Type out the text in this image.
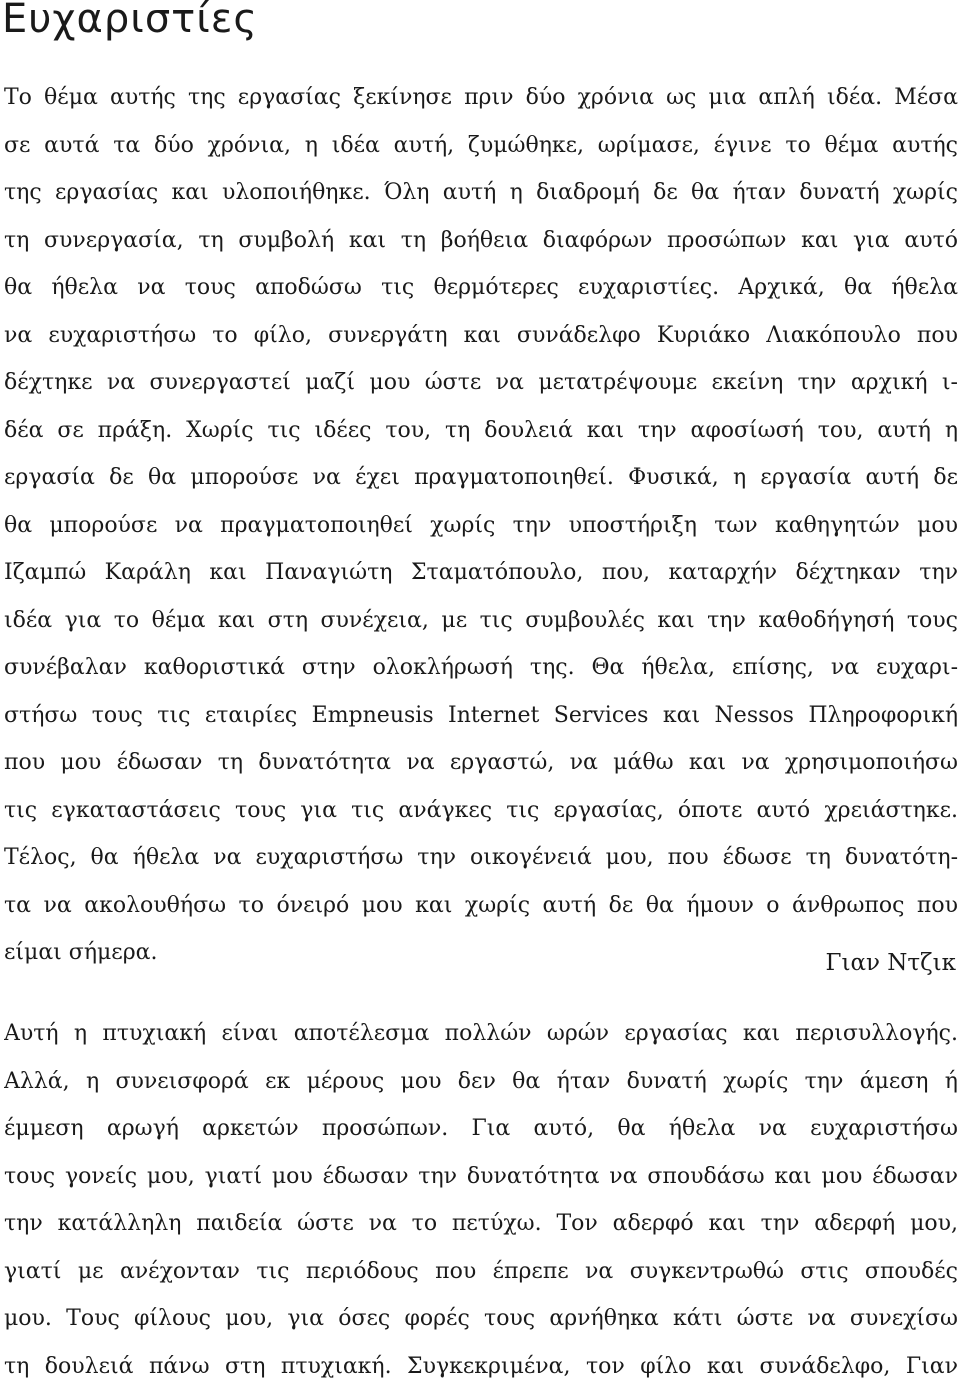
Ευχαριστίες
Το θέμα αυτής της εργασίας ξεκίνησε πριν δύο χρόνια ως μια απλή ιδέα. Μέσα
σε αυτά τα δύο χρόνια, η ιδέα αυτή, ζυμώθηκε, ωρίμασε, έγινε το θέμα αυτής
της εργασίας και υλοποιήθηκε. Όλη αυτή η διαδρομή δε θα ήταν δυνατή χωρίς
τη συνεργασία, τη συμβολή και τη βοήθεια διαφόρων προσώπων και για αυτό
θα ήθελα να τους αποδώσω τις θερμότερες ευχαριστίες. Αρχικά, θα ήθελα
να ευχαριστήσω το φίλο, συνεργάτη και συνάδελφο Κυριάκο Λιακόπουλο που
δέχτηκε να συνεργαστεί μαζί μου ώστε να μετατρέψουμε εκείνη την αρχική ι-
δέα σε πράξη. Χωρίς τις ιδέες του, τη δουλειά και την αφοσίωσή του, αυτή η
εργασία δε θα μπορούσε να έχει πραγματοποιηθεί. Φυσικά, η εργασία αυτή δε
θα μπορούσε να πραγματοποιηθεί χωρίς την υποστήριξη των καθηγητών μου
Ιζαμπώ Καράλη και Παναγιώτη Σταματόπουλο, που, καταρχήν δέχτηκαν την
ιδέα για το θέμα και στη συνέχεια, με τις συμβουλές και την καθοδήγησή τους
συνέβαλαν καθοριστικά στην ολοκλήρωσή της. Θα ήθελα, επίσης, να ευχαρι-
στήσω τους τις εταιρίες Empneusis Internet Services και Nessos Πληροφορική
που μου έδωσαν τη δυνατότητα να εργαστώ, να μάθω και να χρησιμοποιήσω
τις εγκαταστάσεις τους για τις ανάγκες τις εργασίας, όποτε αυτό χρειάστηκε.
Τέλος, θα ήθελα να ευχαριστήσω την οικογένειά μου, που έδωσε τη δυνατότη-
τα να ακολουθήσω το όνειρό μου και χωρίς αυτή δε θα ήμουν ο άνθρωπος που
είμαι σήμερα.	Γιαν Ντζικ

Αυτή η πτυχιακή είναι αποτέλεσμα πολλών ωρών εργασίας και περισυλλογής.
Αλλά, η συνεισφορά εκ μέρους μου δεν θα ήταν δυνατή χωρίς την άμεση ή
έμμεση αρωγή αρκετών προσώπων. Για αυτό, θα ήθελα να ευχαριστήσω
τους γονείς μου, γιατί μου έδωσαν την δυνατότητα να σπουδάσω και μου έδωσαν
την κατάλληλη παιδεία ώστε να το πετύχω. Τον αδερφό και την αδερφή μου,
γιατί με ανέχονταν τις περιόδους που έπρεπε να συγκεντρωθώ στις σπουδές
μου. Τους φίλους μου, για όσες φορές τους αρνήθηκα κάτι ώστε να συνεχίσω
τη δουλειά πάνω στη πτυχιακή. Συγκεκριμένα, τον φίλο και συνάδελφο, Γιαν
